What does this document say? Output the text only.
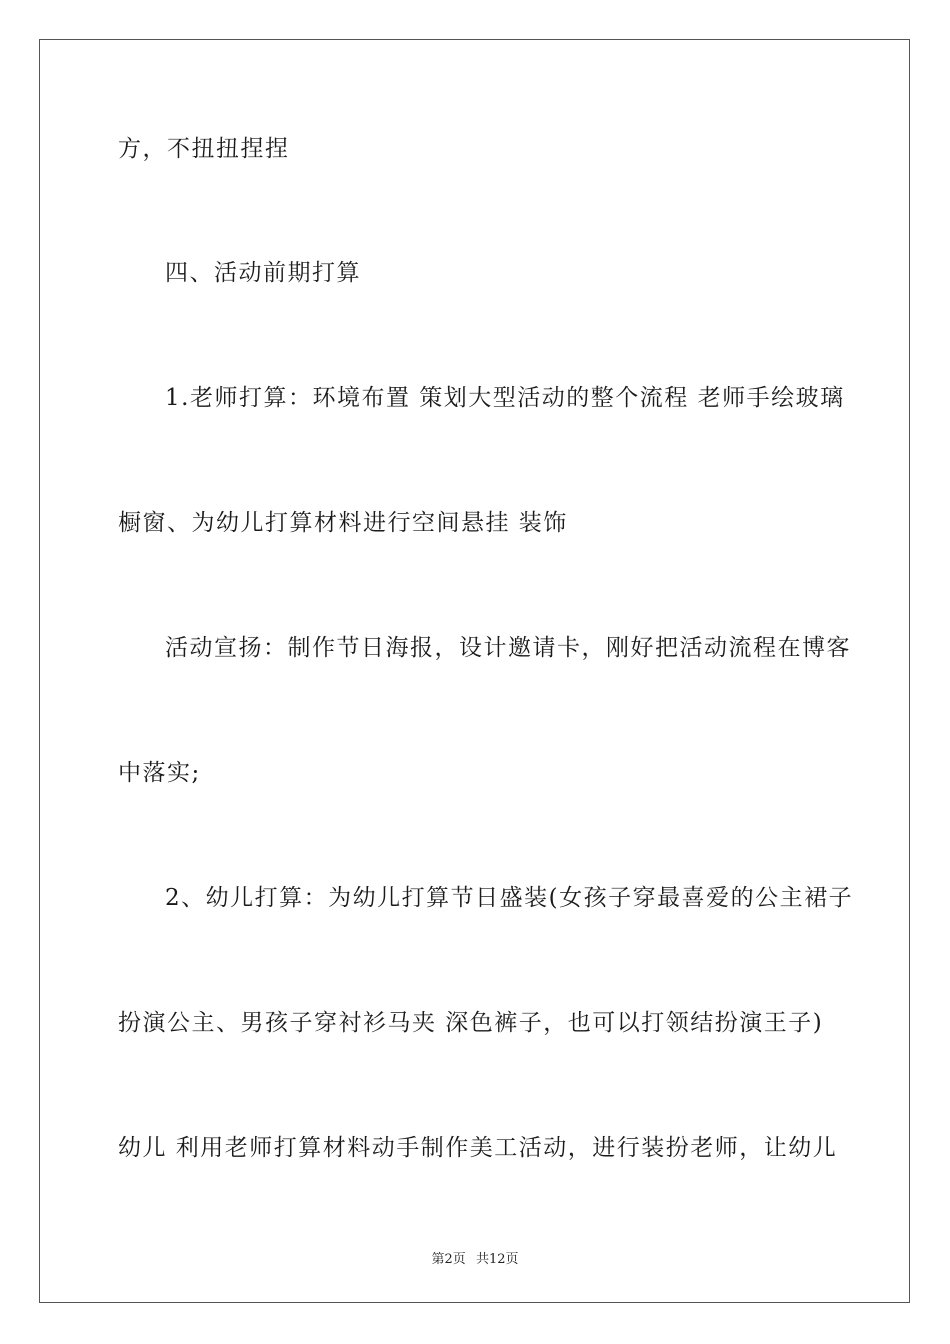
方，不扭扭捏捏
四、活动前期打算
1.老师打算：环境布置 策划大型活动的整个流程 老师手绘玻璃
橱窗、为幼儿打算材料进行空间悬挂 装饰
活动宣扬：制作节日海报，设计邀请卡，刚好把活动流程在博客
中落实;
2、幼儿打算：为幼儿打算节日盛装(女孩子穿最喜爱的公主裙子
扮演公主、男孩子穿衬衫马夹 深色裤子，也可以打领结扮演王子)
幼儿 利用老师打算材料动手制作美工活动，进行装扮老师，让幼儿
第2页 共12页
